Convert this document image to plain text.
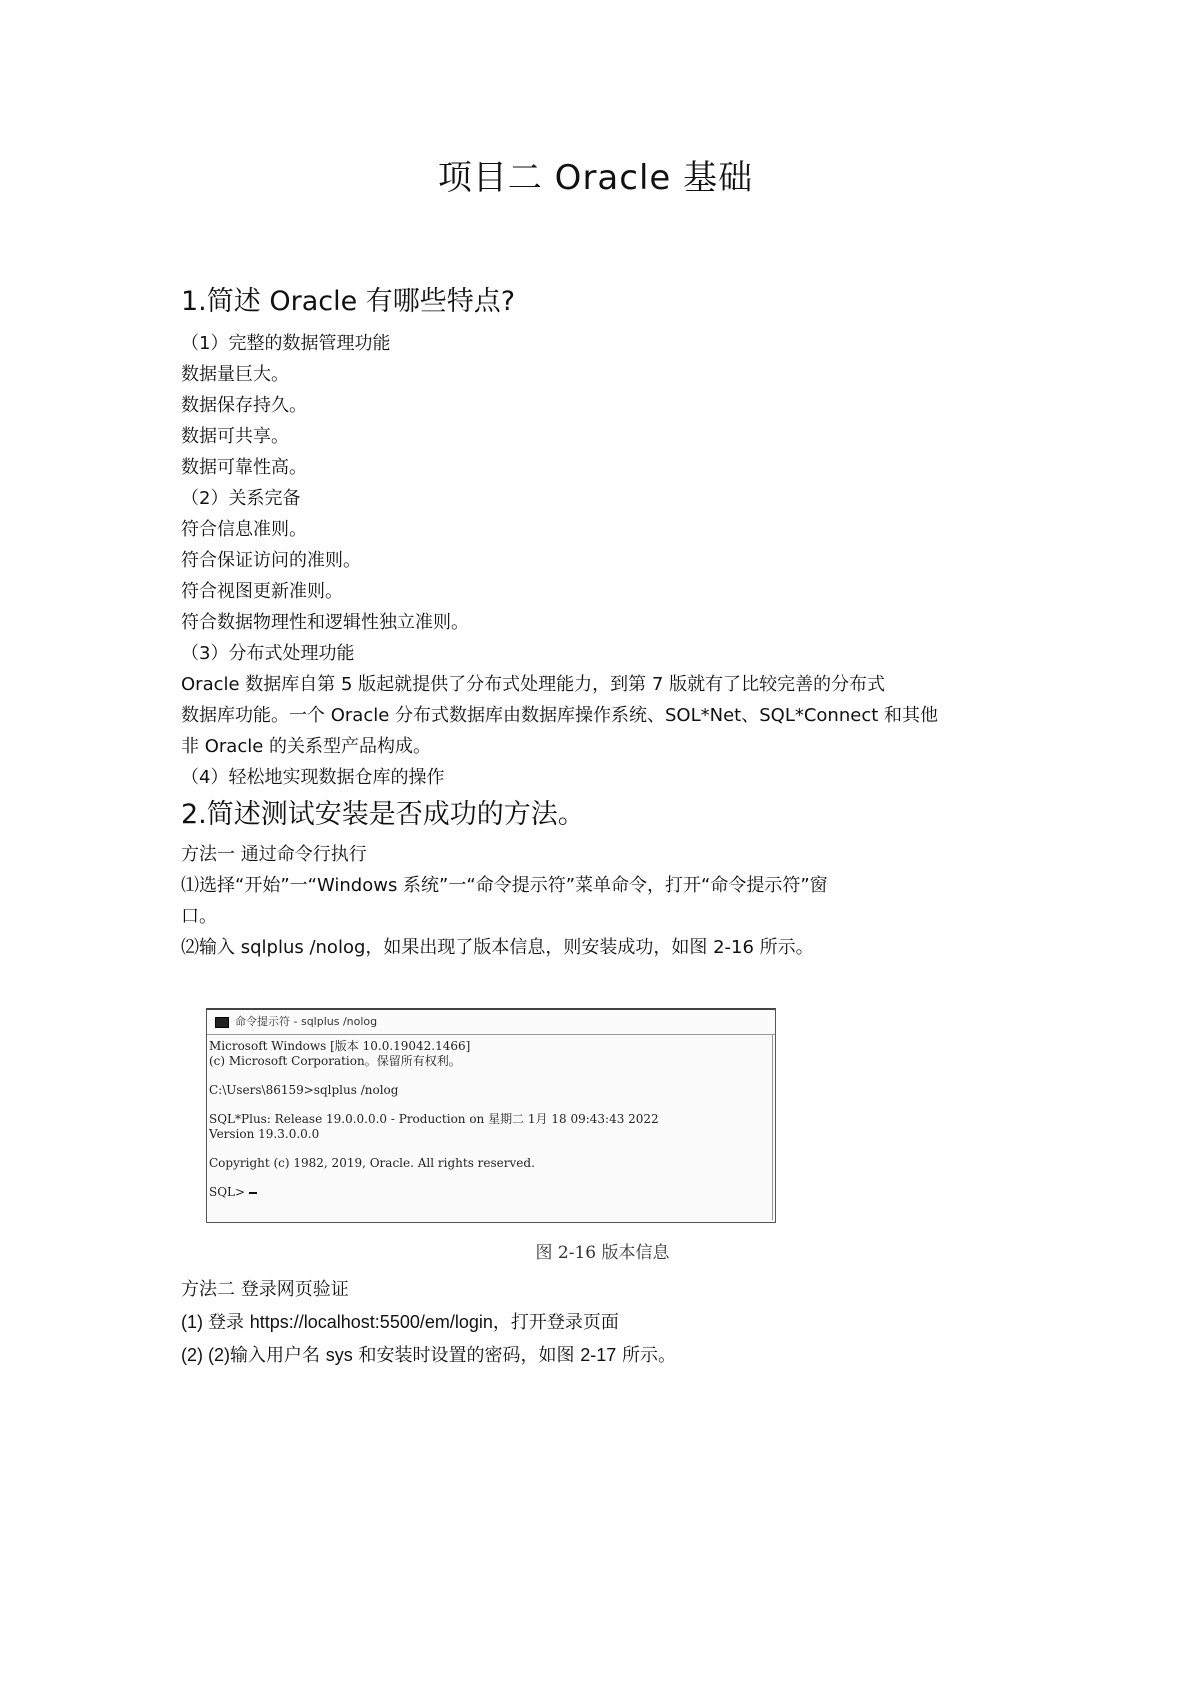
项目二 Oracle 基础
1.简述 Oracle 有哪些特点?
（1）完整的数据管理功能
数据量巨大。
数据保存持久。
数据可共享。
数据可靠性高。
（2）关系完备
符合信息准则。
符合保证访问的准则。
符合视图更新准则。
符合数据物理性和逻辑性独立准则。
（3）分布式处理功能
Oracle 数据库自第 5 版起就提供了分布式处理能力，到第 7 版就有了比较完善的分布式
数据库功能。一个 Oracle 分布式数据库由数据库操作系统、SOL*Net、SQL*Connect 和其他
非 Oracle 的关系型产品构成。
（4）轻松地实现数据仓库的操作
2.简述测试安装是否成功的方法。
方法一 通过命令行执行
⑴选择“开始”一“Windows 系统”一“命令提示符”菜单命令，打开“命令提示符”窗
口。
⑵输入 sqlplus /nolog，如果出现了版本信息，则安装成功，如图 2-16 所示。
命令提示符 - sqlplus /nolog
Microsoft Windows [版本 10.0.19042.1466]
(c) Microsoft Corporation。保留所有权利。
C:\Users\86159>sqlplus /nolog
SQL*Plus: Release 19.0.0.0.0 - Production on 星期二 1月 18 09:43:43 2022
Version 19.3.0.0.0
Copyright (c) 1982, 2019, Oracle. All rights reserved.
SQL>
图 2-16 版本信息
方法二 登录网页验证
(1) 登录 https://localhost:5500/em/login，打开登录页面
(2) (2)输入用户名 sys 和安装时设置的密码，如图 2-17 所示。
